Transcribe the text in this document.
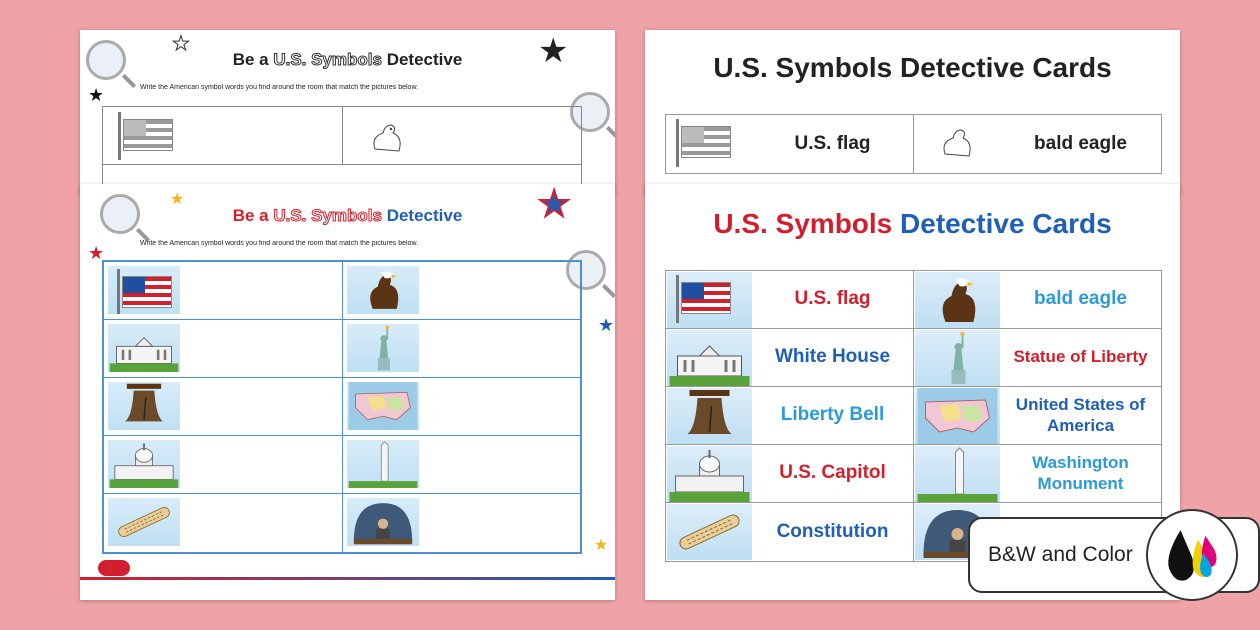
★	★
★
Be a U.S. Symbols Detective
Write the American symbol words you find around the room that match the pictures below.
★	★
★
★
★
Be a U.S. Symbols Detective
Write the American symbol words you find around the room that match the pictures below.
U.S. Symbols Detective Cards
U.S. flag	bald eagle
U.S. Symbols Detective Cards
U.S. flag	bald eagle
White House	Statue of Liberty
Liberty Bell	United States of America
U.S. Capitol	Washington Monument
Constitution
B&W and Color
